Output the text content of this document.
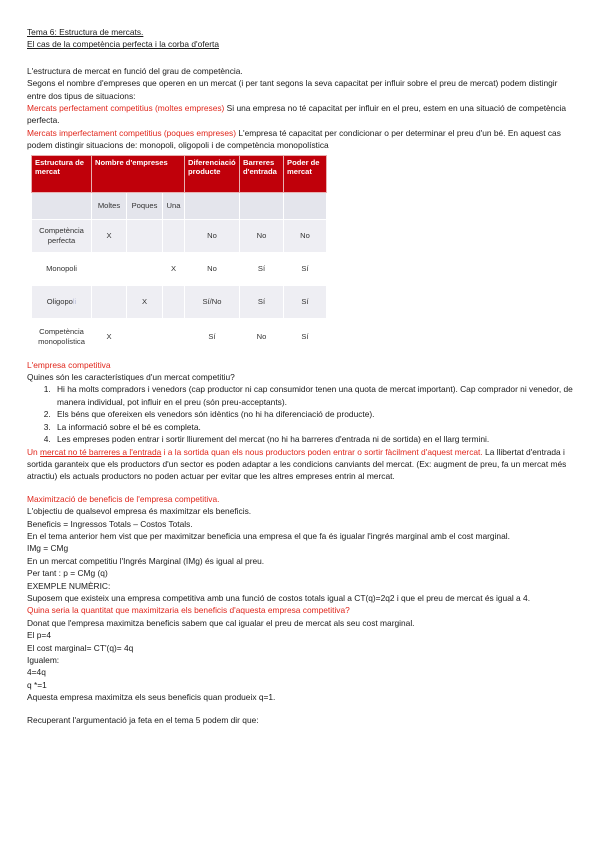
Tema 6: Estructura de mercats.

El cas de la competència perfecta i la corba d'oferta

L'estructura de mercat en funció del grau de competència.

Segons el nombre d'empreses que operen en un mercat (i per tant segons la seva capacitat per influir sobre el preu de mercat) podem distingir entre dos tipus de situacions:

Mercats perfectament competitius (moltes empreses) Si una empresa no té capacitat per influir en el preu, estem en una situació de competència perfecta.

Mercats imperfectament competitius (poques empreses) L'empresa té capacitat per condicionar o per determinar el preu d'un bé. En aquest cas podem distingir situacions de: monopoli, oligopoli i de competència monopolística

Estructura de mercat	Nombre d'empreses			Diferenciació producte	Barreres d'entrada	Poder de mercat
	Moltes	Poques	Una			
Competència perfecta	X			No	No	No
Monopoli			X	No	Sí	Sí
Oligopoli		X		Sí/No	Sí	Sí
Competència monopolística	X			Sí	No	Sí

L'empresa competitiva

Quines són les característiques d'un mercat competitiu?

1. Hi ha molts compradors i venedors (cap productor ni cap consumidor tenen una quota de mercat important). Cap comprador ni venedor, de manera individual, pot influir en el preu (són preu-acceptants).
2. Els béns que ofereixen els venedors són idèntics (no hi ha diferenciació de producte).
3. La informació sobre el bé es completa.
4. Les empreses poden entrar i sortir lliurement del mercat (no hi ha barreres d'entrada ni de sortida) en el llarg termini.

Un mercat no té barreres a l'entrada i a la sortida quan els nous productors poden entrar o sortir fàcilment d'aquest mercat. La llibertat d'entrada i sortida garanteix que els productors d'un sector es poden adaptar a les condicions canviants del mercat. (Ex: augment de preu, fa un mercat més atractiu) els actuals productors no poden actuar per evitar que les altres empreses entrin al mercat.

Maximització de beneficis de l'empresa competitiva.

L'objectiu de qualsevol empresa és maximitzar els beneficis.

Beneficis = Ingressos Totals – Costos Totals.

En el tema anterior hem vist que per maximitzar beneficia una empresa el que fa és igualar l'ingrés marginal amb el cost marginal.

IMg = CMg

En un mercat competitiu l'Ingrés Marginal (IMg) és igual al preu.

Per tant : p = CMg (q)

EXEMPLE NUMÈRIC:

Suposem que existeix una empresa competitiva amb una funció de costos totals igual a CT(q)=2q2 i que el preu de mercat és igual a 4.

Quina seria la quantitat que maximitzaria els beneficis d'aquesta empresa competitiva?

Donat que l'empresa maximitza beneficis sabem que cal igualar el preu de mercat als seu cost marginal.

El p=4

El cost marginal= CT'(q)= 4q

Igualem:

4=4q

q *=1

Aquesta empresa maximitza els seus beneficis quan produeix q=1.

Recuperant l'argumentació ja feta en el tema 5 podem dir que:
